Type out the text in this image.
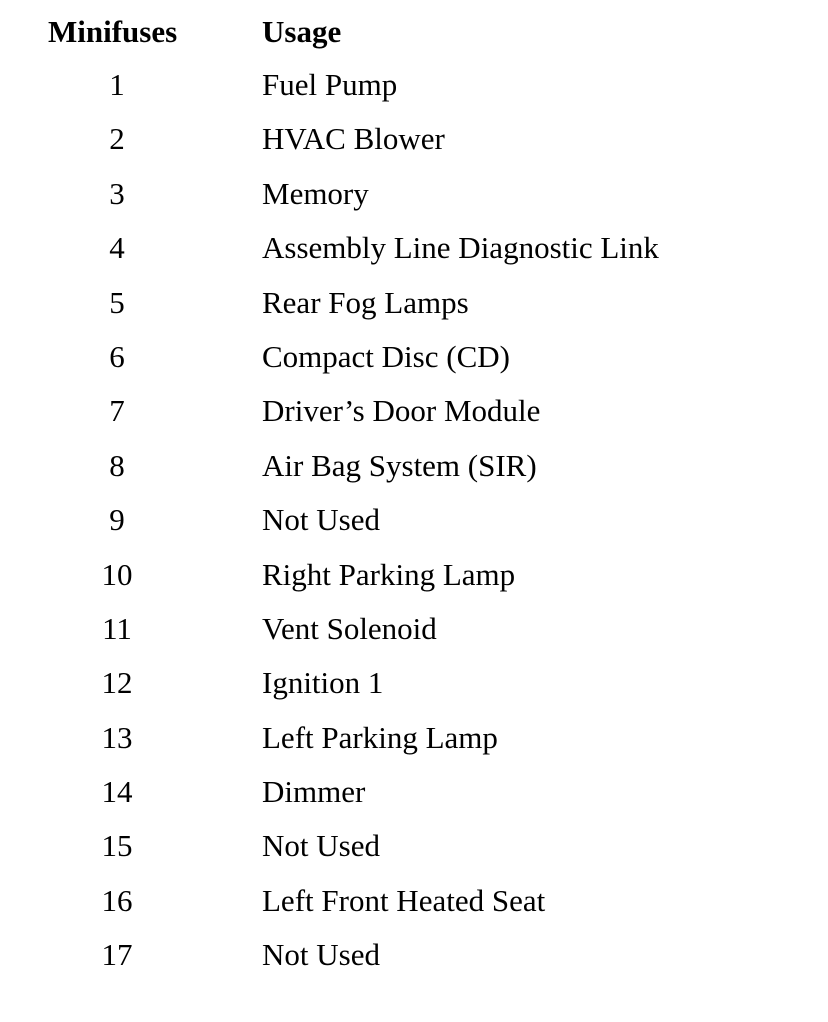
Minifuses	Usage
1	Fuel Pump
2	HVAC Blower
3	Memory
4	Assembly Line Diagnostic Link
5	Rear Fog Lamps
6	Compact Disc (CD)
7	Driver’s Door Module
8	Air Bag System (SIR)
9	Not Used
10	Right Parking Lamp
11	Vent Solenoid
12	Ignition 1
13	Left Parking Lamp
14	Dimmer
15	Not Used
16	Left Front Heated Seat
17	Not Used
